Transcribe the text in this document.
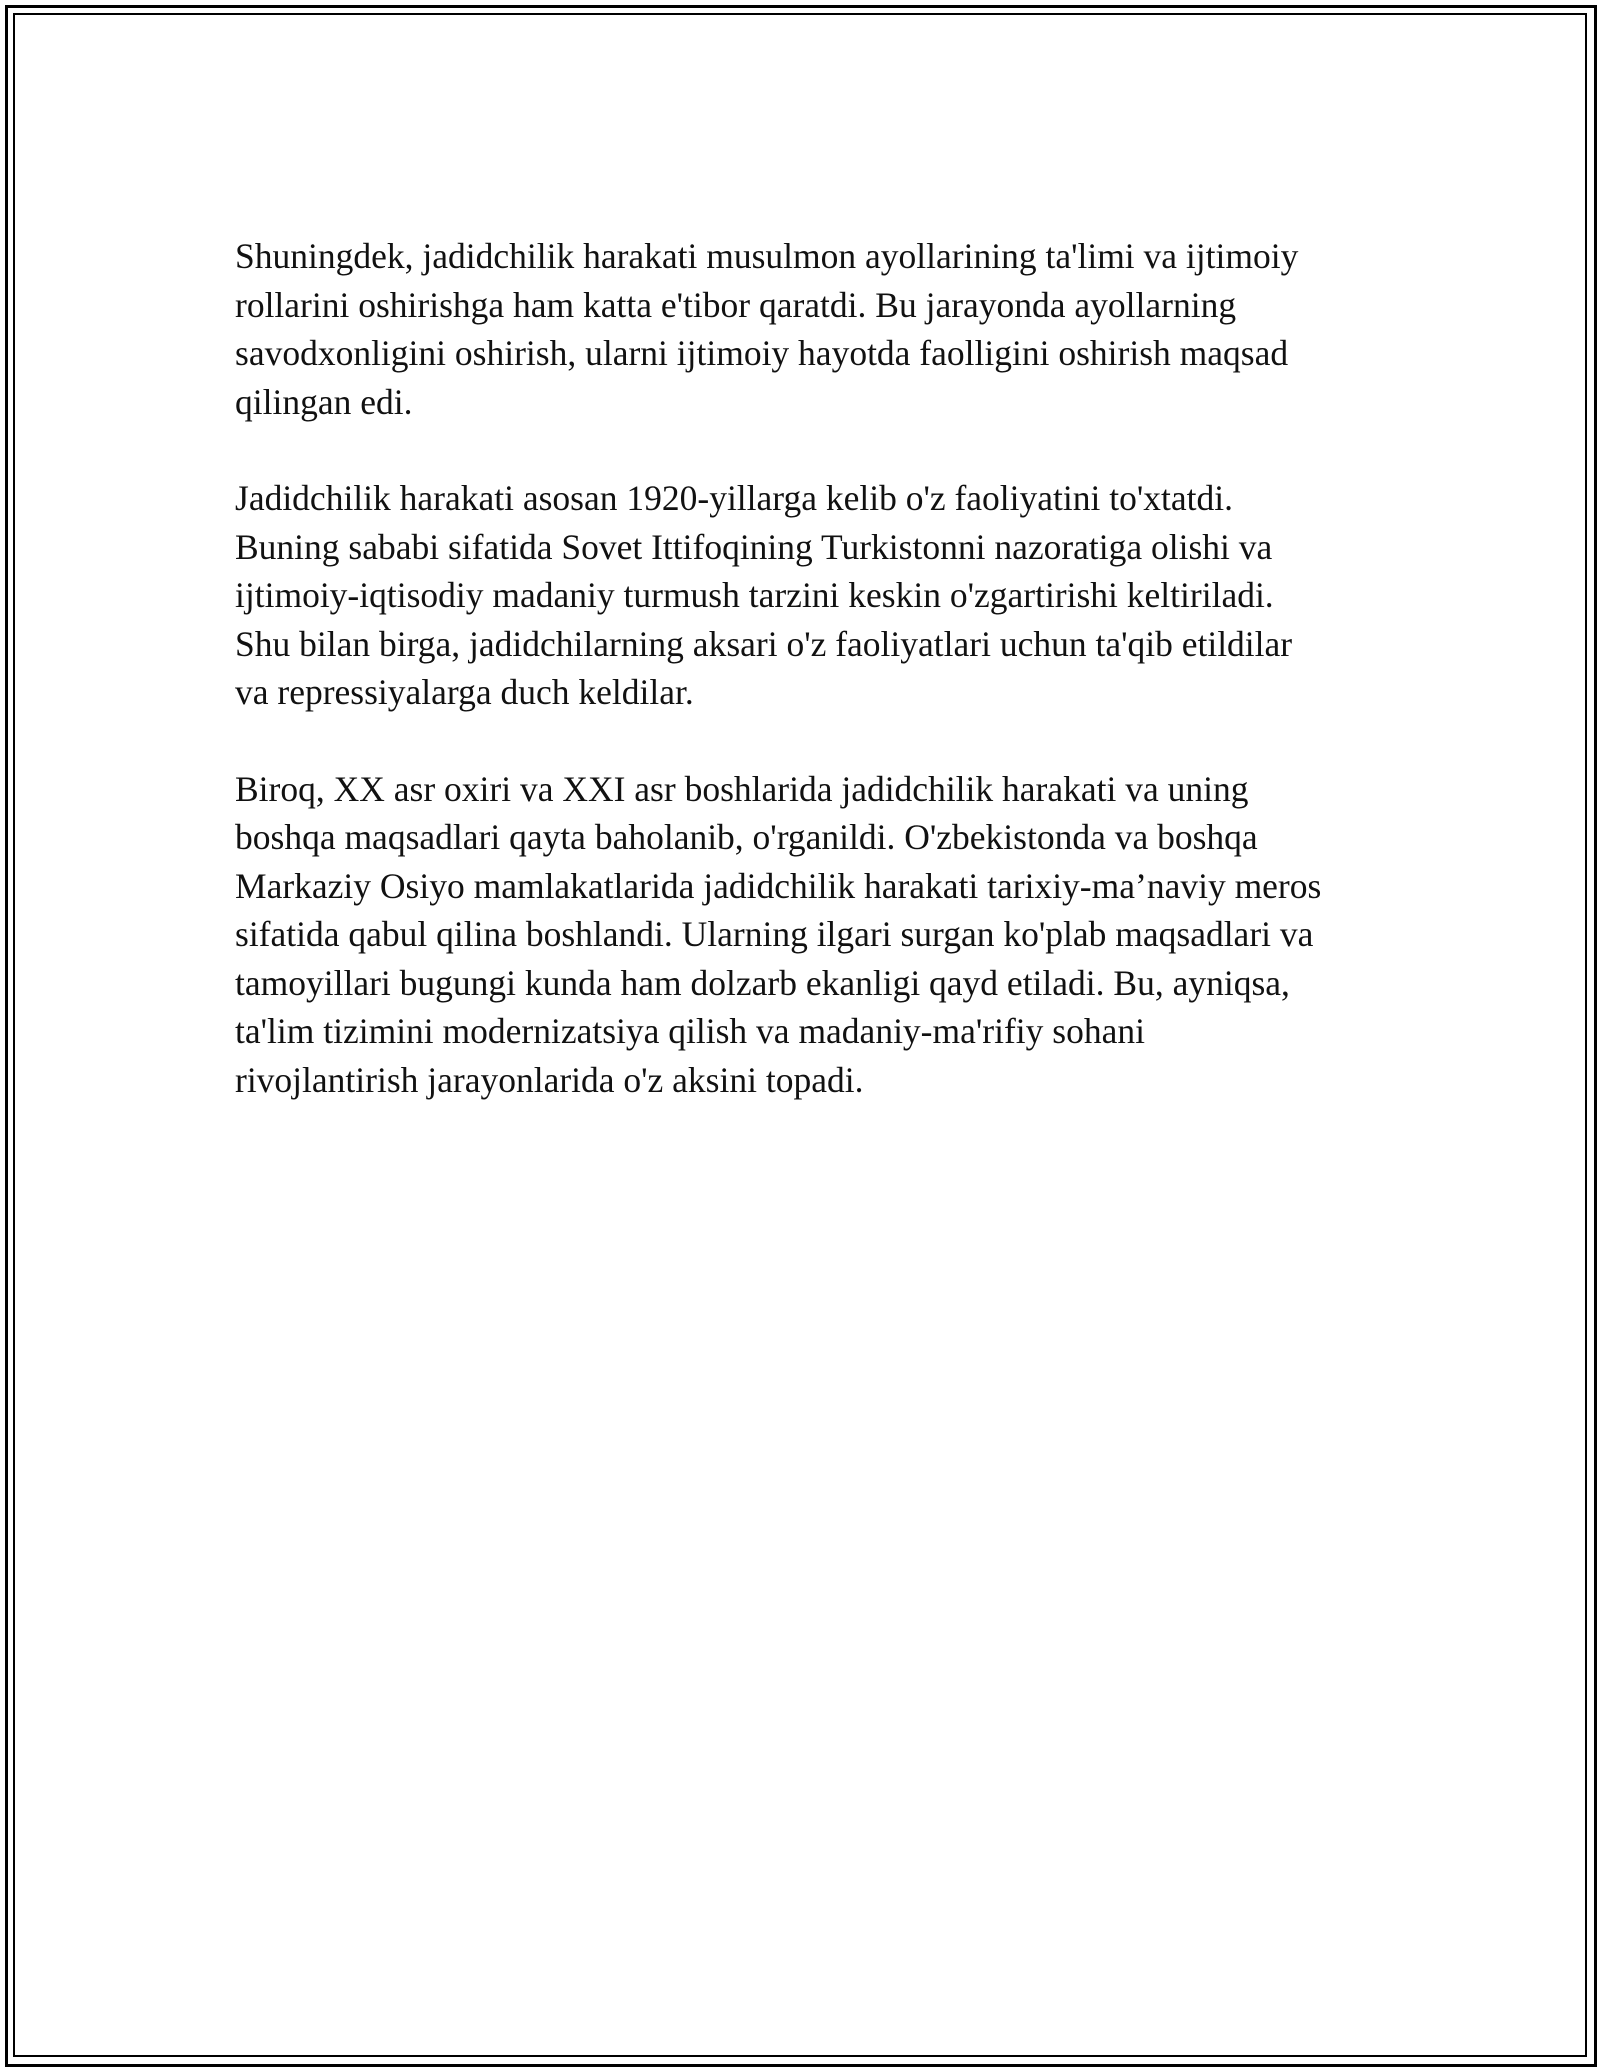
Shuningdek, jadidchilik harakati musulmon ayollarining ta'limi va ijtimoiy
rollarini oshirishga ham katta e'tibor qaratdi. Bu jarayonda ayollarning
savodxonligini oshirish, ularni ijtimoiy hayotda faolligini oshirish maqsad
qilingan edi.

Jadidchilik harakati asosan 1920-yillarga kelib o'z faoliyatini to'xtatdi.
Buning sababi sifatida Sovet Ittifoqining Turkistonni nazoratiga olishi va
ijtimoiy-iqtisodiy madaniy turmush tarzini keskin o'zgartirishi keltiriladi.
Shu bilan birga, jadidchilarning aksari o'z faoliyatlari uchun ta'qib etildilar
va repressiyalarga duch keldilar.

Biroq, XX asr oxiri va XXI asr boshlarida jadidchilik harakati va uning
boshqa maqsadlari qayta baholanib, o'rganildi. O'zbekistonda va boshqa
Markaziy Osiyo mamlakatlarida jadidchilik harakati tarixiy-ma’naviy meros
sifatida qabul qilina boshlandi. Ularning ilgari surgan ko'plab maqsadlari va
tamoyillari bugungi kunda ham dolzarb ekanligi qayd etiladi. Bu, ayniqsa,
ta'lim tizimini modernizatsiya qilish va madaniy-ma'rifiy sohani
rivojlantirish jarayonlarida o'z aksini topadi.
